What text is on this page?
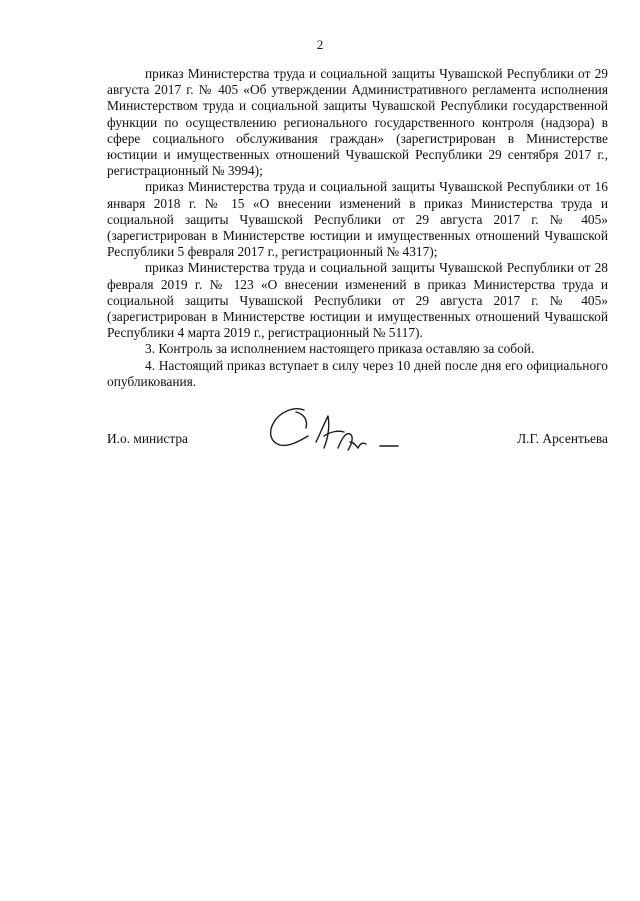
2

приказ Министерства труда и социальной защиты Чувашской Республики от 29 августа 2017 г. № 405 «Об утверждении Административного регламента исполнения Министерством труда и социальной защиты Чувашской Республики государственной функции по осуществлению регионального государственного контроля (надзора) в сфере социального обслуживания граждан» (зарегистрирован в Министерстве юстиции и имущественных отношений Чувашской Республики 29 сентября 2017 г., регистрационный № 3994);

приказ Министерства труда и социальной защиты Чувашской Республики от 16 января 2018 г. № 15 «О внесении изменений в приказ Министерства труда и социальной защиты Чувашской Республики от 29 августа 2017 г. № 405» (зарегистрирован в Министерстве юстиции и имущественных отношений Чувашской Республики 5 февраля 2017 г., регистрационный № 4317);

приказ Министерства труда и социальной защиты Чувашской Республики от 28 февраля 2019 г. № 123 «О внесении изменений в приказ Министерства труда и социальной защиты Чувашской Республики от 29 августа 2017 г. № 405» (зарегистрирован в Министерстве юстиции и имущественных отношений Чувашской Республики 4 марта 2019 г., регистрационный № 5117).

3. Контроль за исполнением настоящего приказа оставляю за собой.

4. Настоящий приказ вступает в силу через 10 дней после дня его официального опубликования.

И.о. министра	Л.Г. Арсентьева
